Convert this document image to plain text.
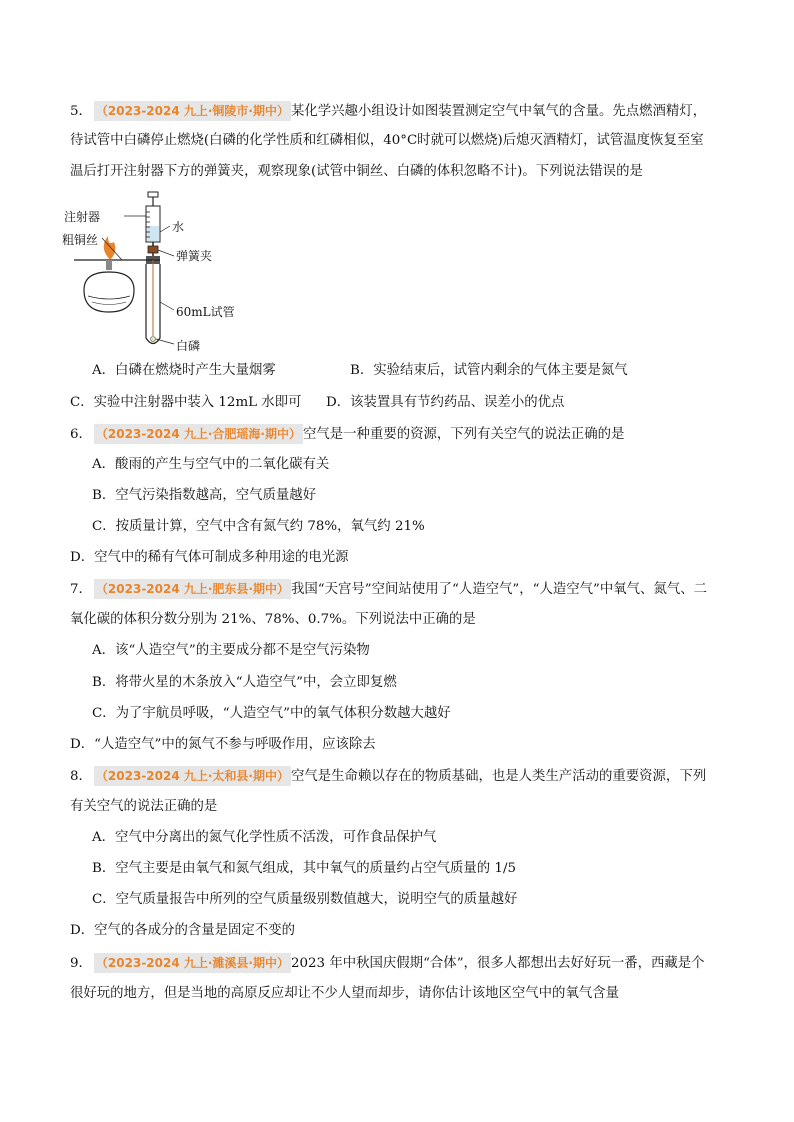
5． （2023-2024 九上·铜陵市·期中） 某化学兴趣小组设计如图装置测定空气中氧气的含量。先点燃酒精灯，
待试管中白磷停止燃烧(白磷的化学性质和红磷相似，40°C时就可以燃烧)后熄灭酒精灯，试管温度恢复至室
温后打开注射器下方的弹簧夹，观察现象(试管中铜丝、白磷的体积忽略不计)。下列说法错误的是
注射器
水
粗铜丝
弹簧夹
60mL试管
白磷
A．白磷在燃烧时产生大量烟雾	B．实验结束后，试管内剩余的气体主要是氮气
C．实验中注射器中装入 12mL 水即可 D．该装置具有节约药品、误差小的优点
6． （2023-2024 九上·合肥瑶海·期中） 空气是一种重要的资源，下列有关空气的说法正确的是
A．酸雨的产生与空气中的二氧化碳有关
B．空气污染指数越高，空气质量越好
C．按质量计算，空气中含有氮气约 78%，氧气约 21%
D．空气中的稀有气体可制成多种用途的电光源
7． （2023-2024 九上·肥东县·期中） 我国“天宫号”空间站使用了“人造空气”，“人造空气”中氧气、氮气、二
氧化碳的体积分数分别为 21%、78%、0.7%。下列说法中正确的是
A．该“人造空气”的主要成分都不是空气污染物
B．将带火星的木条放入“人造空气”中，会立即复燃
C．为了宇航员呼吸，“人造空气”中的氧气体积分数越大越好
D．“人造空气”中的氮气不参与呼吸作用，应该除去
8． （2023-2024 九上·太和县·期中） 空气是生命赖以存在的物质基础，也是人类生产活动的重要资源，下列
有关空气的说法正确的是
A．空气中分离出的氮气化学性质不活泼，可作食品保护气
B．空气主要是由氧气和氮气组成，其中氧气的质量约占空气质量的 1/5
C．空气质量报告中所列的空气质量级别数值越大，说明空气的质量越好
D．空气的各成分的含量是固定不变的
9． （2023-2024 九上·濉溪县·期中） 2023 年中秋国庆假期“合体”，很多人都想出去好好玩一番，西藏是个
很好玩的地方，但是当地的高原反应却让不少人望而却步，请你估计该地区空气中的氧气含量
